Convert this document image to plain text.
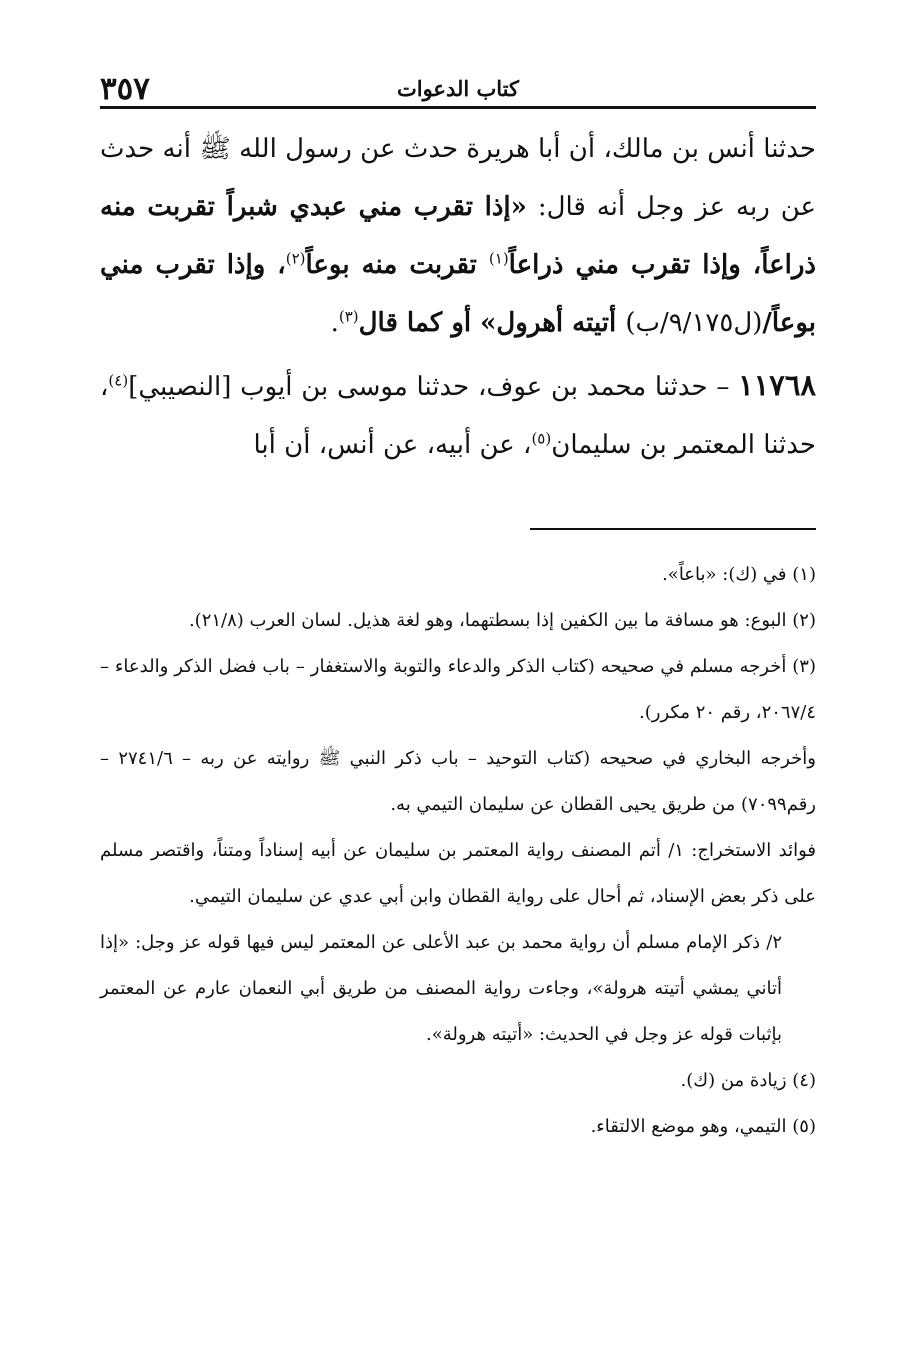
٣٥٧	كتاب الدعوات

حدثنا أنس بن مالك، أن أبا هريرة حدث عن رسول الله ﷺ أنه حدث عن ربه عز وجل أنه قال: «إذا تقرب مني عبدي شبراً تقربت منه ذراعاً، وإذا تقرب مني ذراعاً$^{(١)}$ تقربت منه بوعاً$^{(٢)}$، وإذا تقرب مني بوعاً/(ل٩/١٧٥/ب) أتيته أهرول» أو كما قال$^{(٣)}$.

١١٧٦٨ – حدثنا محمد بن عوف، حدثنا موسى بن أيوب [النصيبي]$^{(٤)}$، حدثنا المعتمر بن سليمان$^{(٥)}$، عن أبيه، عن أنس، أن أبا

(١) في (ك): «باعاً».

(٢) البوع: هو مسافة ما بين الكفين إذا بسطتهما، وهو لغة هذيل. لسان العرب (٢١/٨).

(٣) أخرجه مسلم في صحيحه (كتاب الذكر والدعاء والتوبة والاستغفار – باب فضل الذكر والدعاء – ٢٠٦٧/٤، رقم ٢٠ مكرر).

وأخرجه البخاري في صحيحه (كتاب التوحيد – باب ذكر النبي ﷺ روايته عن ربه – ٢٧٤١/٦ – رقم٧٠٩٩) من طريق يحيى القطان عن سليمان التيمي به.

فوائد الاستخراج: ١/ أتم المصنف رواية المعتمر بن سليمان عن أبيه إسناداً ومتناً، واقتصر مسلم على ذكر بعض الإسناد، ثم أحال على رواية القطان وابن أبي عدي عن سليمان التيمي.

٢/ ذكر الإمام مسلم أن رواية محمد بن عبد الأعلى عن المعتمر ليس فيها قوله عز وجل: «إذا أتاني يمشي أتيته هرولة»، وجاءت رواية المصنف من طريق أبي النعمان عارم عن المعتمر بإثبات قوله عز وجل في الحديث: «أتيته هرولة».

(٤) زيادة من (ك).

(٥) التيمي، وهو موضع الالتقاء.
